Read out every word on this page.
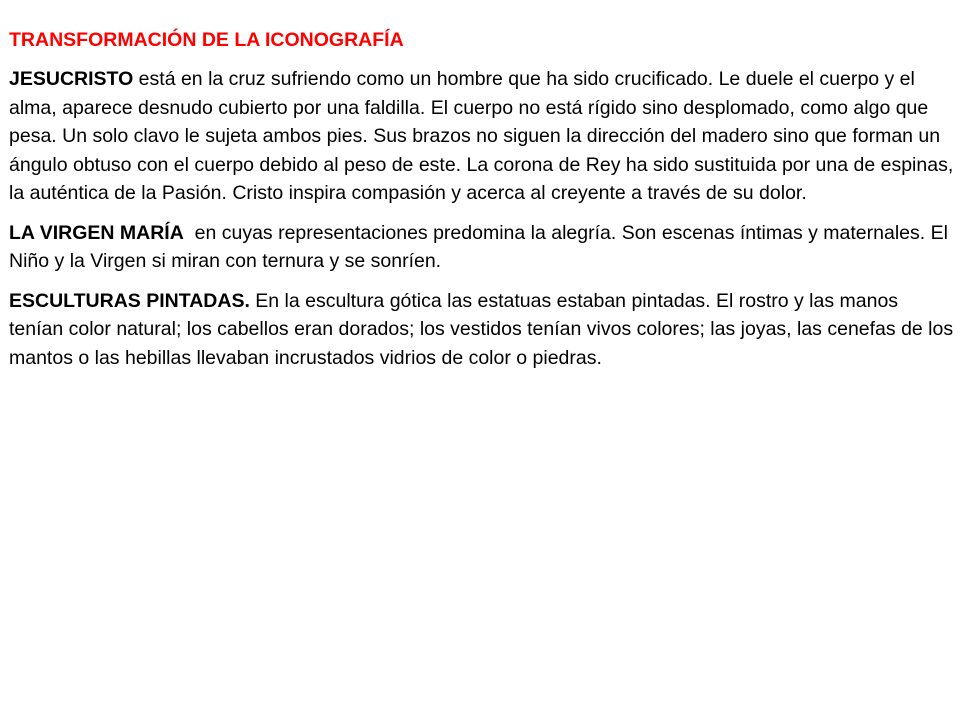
TRANSFORMACIÓN DE LA ICONOGRAFÍA

JESUCRISTO está en la cruz sufriendo como un hombre que ha sido crucificado. Le duele el cuerpo y el alma, aparece desnudo cubierto por una faldilla. El cuerpo no está rígido sino desplomado, como algo que pesa. Un solo clavo le sujeta ambos pies. Sus brazos no siguen la dirección del madero sino que forman un ángulo obtuso con el cuerpo debido al peso de este. La corona de Rey ha sido sustituida por una de espinas, la auténtica de la Pasión. Cristo inspira compasión y acerca al creyente a través de su dolor.

LA VIRGEN MARÍA  en cuyas representaciones predomina la alegría. Son escenas íntimas y maternales. El Niño y la Virgen si miran con ternura y se sonríen.

ESCULTURAS PINTADAS. En la escultura gótica las estatuas estaban pintadas. El rostro y las manos tenían color natural; los cabellos eran dorados; los vestidos tenían vivos colores; las joyas, las cenefas de los mantos o las hebillas llevaban incrustados vidrios de color o piedras.
